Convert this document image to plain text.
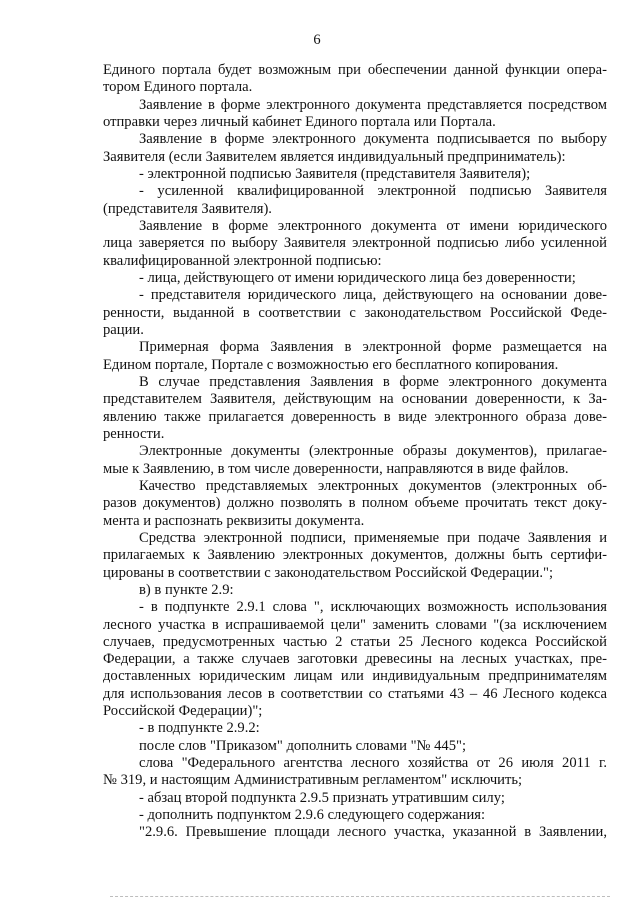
6
Единого портала будет возможным при обеспечении данной функции опера-
тором Единого портала.
Заявление в форме электронного документа представляется посредством
отправки через личный кабинет Единого портала или Портала.
Заявление в форме электронного документа подписывается по выбору
Заявителя (если Заявителем является индивидуальный предприниматель):
- электронной подписью Заявителя (представителя Заявителя);
- усиленной квалифицированной электронной подписью Заявителя
(представителя Заявителя).
Заявление в форме электронного документа от имени юридического
лица заверяется по выбору Заявителя электронной подписью либо усиленной
квалифицированной электронной подписью:
- лица, действующего от имени юридического лица без доверенности;
- представителя юридического лица, действующего на основании дове-
ренности, выданной в соответствии с законодательством Российской Феде-
рации.
Примерная форма Заявления в электронной форме размещается на
Едином портале, Портале с возможностью его бесплатного копирования.
В случае представления Заявления в форме электронного документа
представителем Заявителя, действующим на основании доверенности, к За-
явлению также прилагается доверенность в виде электронного образа дове-
ренности.
Электронные документы (электронные образы документов), прилагае-
мые к Заявлению, в том числе доверенности, направляются в виде файлов.
Качество представляемых электронных документов (электронных об-
разов документов) должно позволять в полном объеме прочитать текст доку-
мента и распознать реквизиты документа.
Средства электронной подписи, применяемые при подаче Заявления и
прилагаемых к Заявлению электронных документов, должны быть сертифи-
цированы в соответствии с законодательством Российской Федерации.";
в) в пункте 2.9:
- в подпункте 2.9.1 слова ", исключающих возможность использования
лесного участка в испрашиваемой цели" заменить словами "(за исключением
случаев, предусмотренных частью 2 статьи 25 Лесного кодекса Российской
Федерации, а также случаев заготовки древесины на лесных участках, пре-
доставленных юридическим лицам или индивидуальным предпринимателям
для использования лесов в соответствии со статьями 43 – 46 Лесного кодекса
Российской Федерации)";
- в подпункте 2.9.2:
после слов "Приказом" дополнить словами "№ 445";
слова "Федерального агентства лесного хозяйства от 26 июля 2011 г.
№ 319, и настоящим Административным регламентом" исключить;
- абзац второй подпункта 2.9.5 признать утратившим силу;
- дополнить подпунктом 2.9.6 следующего содержания:
"2.9.6. Превышение площади лесного участка, указанной в Заявлении,
